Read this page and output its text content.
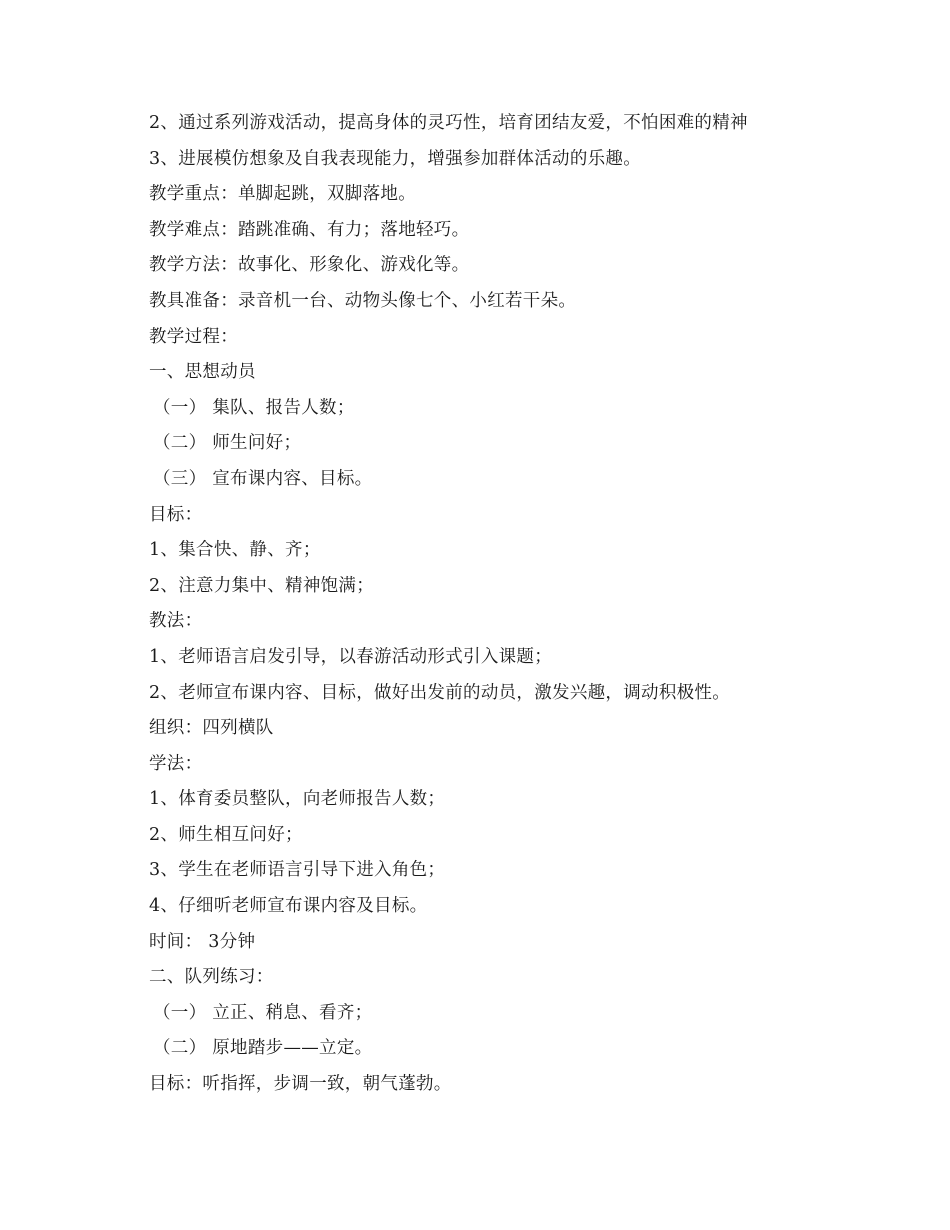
2、通过系列游戏活动，提高身体的灵巧性，培育团结友爱，不怕困难的精神
3、进展模仿想象及自我表现能力，增强参加群体活动的乐趣。
教学重点：单脚起跳，双脚落地。
教学难点：踏跳准确、有力；落地轻巧。
教学方法：故事化、形象化、游戏化等。
教具准备：录音机一台、动物头像七个、小红若干朵。
教学过程：
一、思想动员
（一） 集队、报告人数；
（二） 师生问好；
（三） 宣布课内容、目标。
目标：
1、集合快、静、齐；
2、注意力集中、精神饱满；
教法：
1、老师语言启发引导，以春游活动形式引入课题；
2、老师宣布课内容、目标，做好出发前的动员，激发兴趣，调动积极性。
组织：四列横队
学法：
1、体育委员整队，向老师报告人数；
2、师生相互问好；
3、学生在老师语言引导下进入角色；
4、仔细听老师宣布课内容及目标。
时间： 3分钟
二、队列练习：
（一） 立正、稍息、看齐；
（二） 原地踏步——立定。
目标：听指挥，步调一致，朝气蓬勃。
